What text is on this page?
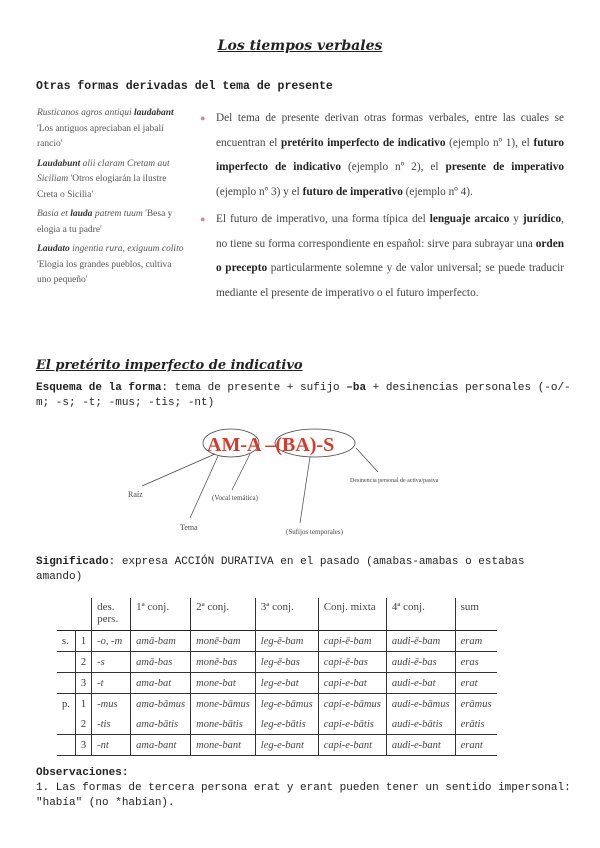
Los tiempos verbales
Otras formas derivadas del tema de presente
Rusticanos agros antiqui laudabant 'Los antiguos apreciaban el jabalí rancio'
Laudabunt alii claram Cretam aut Siciliam 'Otros elogiarán la ilustre Creta o Sicilia'
Basia et lauda patrem tuum 'Besa y elogia a tu padre'
Laudato ingentia rura, exiguum colito 'Elogia los grandes pueblos, cultiva uno pequeño'
● Del tema de presente derivan otras formas verbales, entre las cuales se encuentran el pretérito imperfecto de indicativo (ejemplo nº 1), el futuro imperfecto de indicativo (ejemplo nº 2), el presente de imperativo (ejemplo nº 3) y el futuro de imperativo (ejemplo nº 4).
● El futuro de imperativo, una forma típica del lenguaje arcaico y jurídico, no tiene su forma correspondiente en español: sirve para subrayar una orden o precepto particularmente solemne y de valor universal; se puede traducir mediante el presente de imperativo o el futuro imperfecto.
El pretérito imperfecto de indicativo
Esquema de la forma: tema de presente + sufijo –ba + desinencias personales (-o/-m; -s; -t; -mus; -tis; -nt)
AM-A –(BA)-S
Raíz	(Vocal temática)
Tema	(Sufijos temporales)
Desinencia personal de activa/pasiva
Significado: expresa ACCIÓN DURATIVA en el pasado (amabas-amabas o estabas amando)
		des. pers.	1ª conj.	2ª conj.	3ª conj.	Conj. mixta	4ª conj.	sum
s.	1	-o, -m	amā-bam	monē-bam	leg-ē-bam	capi-ē-bam	audi-ē-bam	eram
	2	-s	amā-bas	monē-bas	leg-ē-bas	capi-ē-bas	audi-ē-bas	eras
	3	-t	ama-bat	mone-bat	leg-e-bat	capi-e-bat	audi-e-bat	erat
p.	1	-mus	ama-bāmus	mone-bāmus	leg-e-bāmus	capi-e-bāmus	audi-e-bāmus	erāmus
	2	-tis	ama-bātis	mone-bātis	leg-e-bātis	capi-e-bātis	audi-e-bātis	erātis
	3	-nt	ama-bant	mone-bant	leg-e-bant	capi-e-bant	audi-e-bant	erant
Observaciones:
1. Las formas de tercera persona erat y erant pueden tener un sentido impersonal: "había" (no *habían).
